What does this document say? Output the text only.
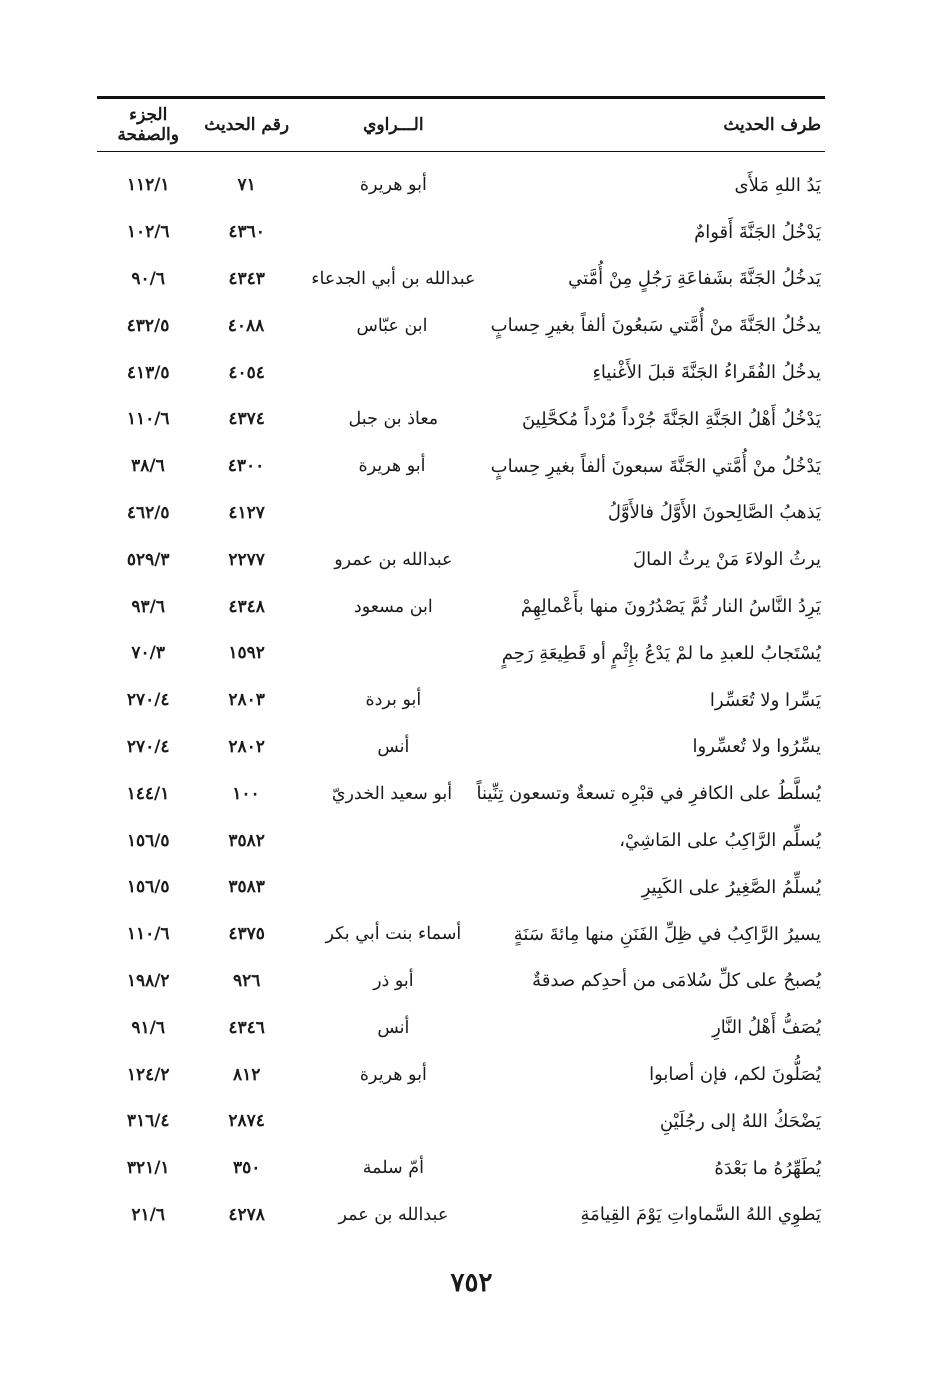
طرف الحديث
الـــراوي
رقم الحديث
الجزء والصفحة
يَدُ اللهِ مَلأَى
أبو هريرة
٧١
١١٢/١
يَدْخُلُ الجَنَّةَ أَقوامٌ
٤٣٦٠
١٠٢/٦
يَدخُلُ الجَنَّةَ بشَفاعَةِ رَجُلٍ مِنْ أُمَّتي
عبدالله بن أبي الجدعاء
٤٣٤٣
٩٠/٦
يدخُلُ الجَنَّةَ منْ أُمَّتي سَبعُونَ ألفاً بغيرِ حِسابٍ
ابن عبّاس
٤٠٨٨
٤٣٢/٥
يدخُلُ الفُقَراءُ الجَنَّةَ قبلَ الأَغْنياءِ
٤٠٥٤
٤١٣/٥
يَدْخُلُ أَهْلُ الجَنَّةِ الجَنَّةَ جُرْداً مُرْداً مُكحَّلِينَ
معاذ بن جبل
٤٣٧٤
١١٠/٦
يَدْخُلُ منْ أُمَّتي الجَنَّةَ سبعونَ ألفاً بغيرِ حِسابٍ
أبو هريرة
٤٣٠٠
٣٨/٦
يَذهبُ الصَّالِحونَ الأَوَّلُ فالأَوَّلُ
٤١٢٧
٤٦٢/٥
يرثُ الولاءَ مَنْ يرثُ المالَ
عبدالله بن عمرو
٢٢٧٧
٥٢٩/٣
يَرِدُ النَّاسُ النار ثُمَّ يَصْدُرُونَ منها بأَعْمالِهِمْ
ابن مسعود
٤٣٤٨
٩٣/٦
يُسْتَجابُ للعبدِ ما لمْ يَدْعُ بإِثْمٍ أو قَطِيعَةِ رَحِمٍ
١٥٩٢
٧٠/٣
يَسِّرا ولا تُعَسِّرا
أبو بردة
٢٨٠٣
٢٧٠/٤
يسِّرُوا ولا تُعسِّروا
أنس
٢٨٠٢
٢٧٠/٤
يُسلَّطُ على الكافرِ في قبْرِه تسعةٌ وتسعون تِنِّيناً
أبو سعيد الخدريّ
١٠٠
١٤٤/١
يُسلِّم الرَّاكِبُ على المَاشِيْ،
٣٥٨٢
١٥٦/٥
يُسلِّمُ الصَّغِيرُ على الكَبِيرِ
٣٥٨٣
١٥٦/٥
يسيرُ الرَّاكِبُ في ظِلِّ الفَنَنِ منها مِائةَ سَنَةٍ
أسماء بنت أبي بكر
٤٣٧٥
١١٠/٦
يُصبحُ على كلِّ سُلامَى من أحدِكم صدقةٌ
أبو ذر
٩٢٦
١٩٨/٢
يُصَفُّ أَهْلُ النَّارِ
أنس
٤٣٤٦
٩١/٦
يُصَلُّونَ لكم، فإن أصابوا
أبو هريرة
٨١٢
١٢٤/٢
يَضْحَكُ اللهُ إلى رجُلَيْنِ
٢٨٧٤
٣١٦/٤
يُطَهِّرُهُ ما بَعْدَهُ
أمّ سلمة
٣٥٠
٣٢١/١
يَطوِي اللهُ السَّماواتِ يَوْمَ القِيامَةِ
عبدالله بن عمر
٤٢٧٨
٢١/٦
٧٥٢
